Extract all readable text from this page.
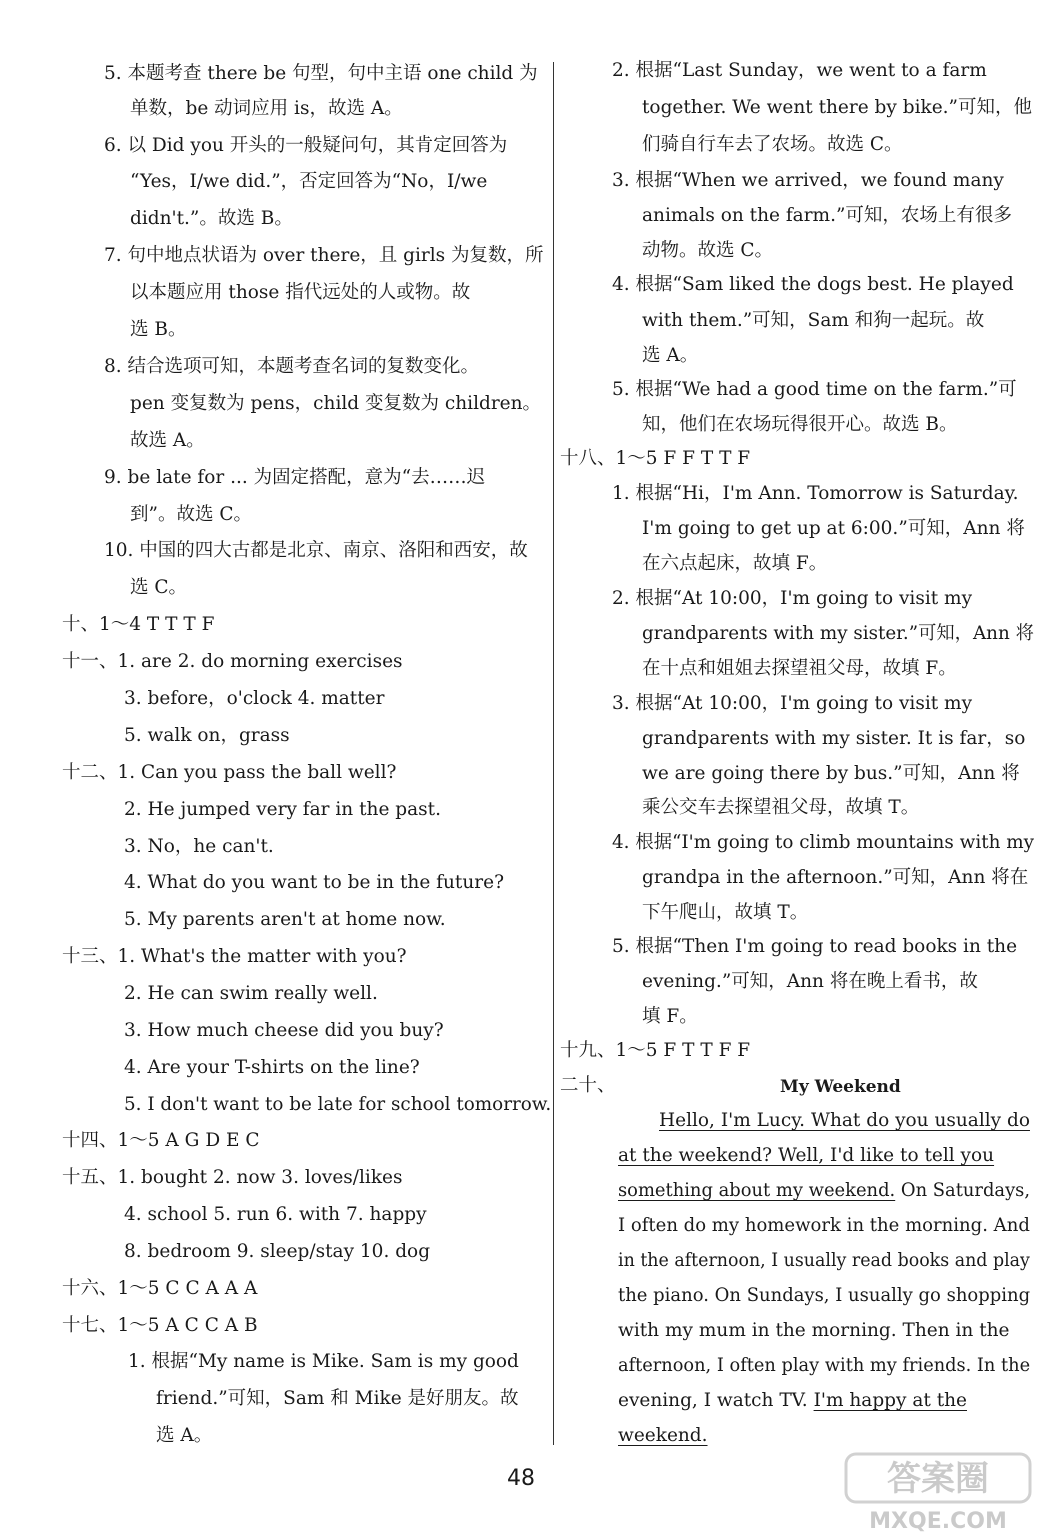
5. 本题考查 there be 句型，句中主语 one child 为
单数，be 动词应用 is，故选 A。
6. 以 Did you 开头的一般疑问句，其肯定回答为
“Yes，I/we did.”，否定回答为“No，I/we
didn't.”。故选 B。
7. 句中地点状语为 over there，且 girls 为复数，所
以本题应用 those 指代远处的人或物。故
选 B。
8. 结合选项可知，本题考查名词的复数变化。
pen 变复数为 pens，child 变复数为 children。
故选 A。
9. be late for ... 为固定搭配，意为“去……迟
到”。故选 C。
10. 中国的四大古都是北京、南京、洛阳和西安，故
选 C。
十、1～4 T T T F
十一、1. are 2. do morning exercises
3. before，o'clock 4. matter
5. walk on，grass
十二、1. Can you pass the ball well?
2. He jumped very far in the past.
3. No，he can't.
4. What do you want to be in the future?
5. My parents aren't at home now.
十三、1. What's the matter with you?
2. He can swim really well.
3. How much cheese did you buy?
4. Are your T-shirts on the line?
5. I don't want to be late for school tomorrow.
十四、1～5 A G D E C
十五、1. bought 2. now 3. loves/likes
4. school 5. run 6. with 7. happy
8. bedroom 9. sleep/stay 10. dog
十六、1～5 C C A A A
十七、1～5 A C C A B
1. 根据“My name is Mike. Sam is my good
friend.”可知，Sam 和 Mike 是好朋友。故
选 A。
2. 根据“Last Sunday，we went to a farm
together. We went there by bike.”可知，他
们骑自行车去了农场。故选 C。
3. 根据“When we arrived，we found many
animals on the farm.”可知，农场上有很多
动物。故选 C。
4. 根据“Sam liked the dogs best. He played
with them.”可知，Sam 和狗一起玩。故
选 A。
5. 根据“We had a good time on the farm.”可
知，他们在农场玩得很开心。故选 B。
十八、1～5 F F T T F
1. 根据“Hi，I'm Ann. Tomorrow is Saturday.
I'm going to get up at 6:00.”可知，Ann 将
在六点起床，故填 F。
2. 根据“At 10:00，I'm going to visit my
grandparents with my sister.”可知，Ann 将
在十点和姐姐去探望祖父母，故填 F。
3. 根据“At 10:00，I'm going to visit my
grandparents with my sister. It is far，so
we are going there by bus.”可知，Ann 将
乘公交车去探望祖父母，故填 T。
4. 根据“I'm going to climb mountains with my
grandpa in the afternoon.”可知，Ann 将在
下午爬山，故填 T。
5. 根据“Then I'm going to read books in the
evening.”可知，Ann 将在晚上看书，故
填 F。
十九、1～5 F T T F F
二十、	My Weekend
Hello, I'm Lucy. What do you usually do
at the weekend? Well, I'd like to tell you
something about my weekend. On Saturdays,
I often do my homework in the morning. And
in the afternoon, I usually read books and play
the piano. On Sundays, I usually go shopping
with my mum in the morning. Then in the
afternoon, I often play with my friends. In the
evening, I watch TV. I'm happy at the
weekend.
48	答案圈
MXQE.COM
